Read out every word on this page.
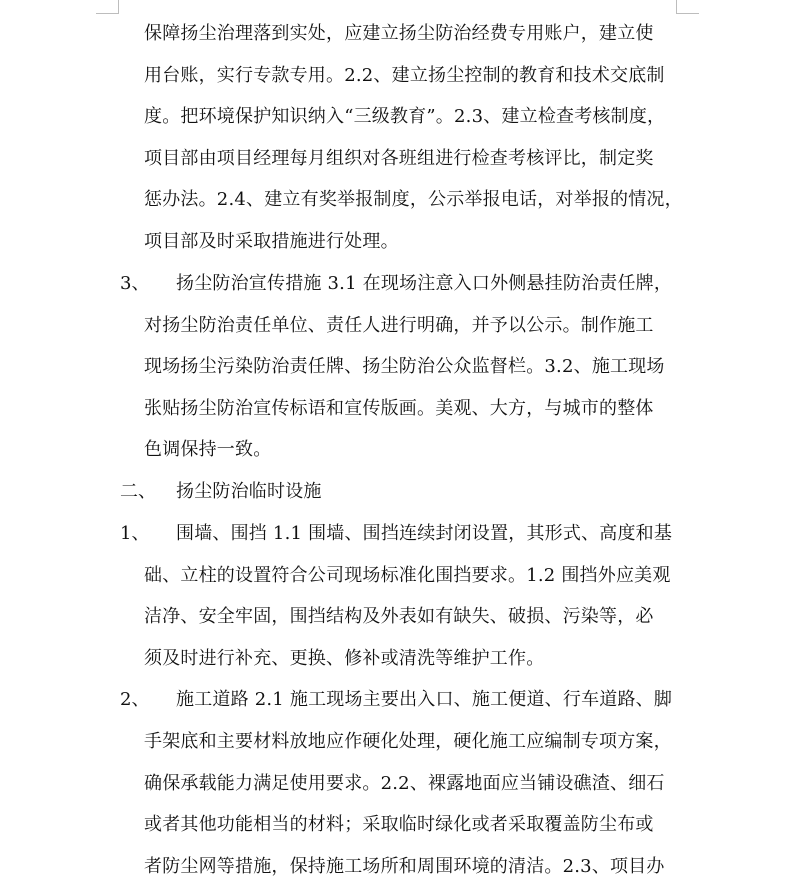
保障扬尘治理落到实处，应建立扬尘防治经费专用账户，建立使
用台账，实行专款专用。2.2、建立扬尘控制的教育和技术交底制
度。把环境保护知识纳入“三级教育”。2.3、建立检查考核制度，
项目部由项目经理每月组织对各班组进行检查考核评比，制定奖
惩办法。2.4、建立有奖举报制度，公示举报电话，对举报的情况，
项目部及时采取措施进行处理。
3、 扬尘防治宣传措施 3.1 在现场注意入口外侧悬挂防治责任牌，
对扬尘防治责任单位、责任人进行明确，并予以公示。制作施工
现场扬尘污染防治责任牌、扬尘防治公众监督栏。3.2、施工现场
张贴扬尘防治宣传标语和宣传版画。美观、大方，与城市的整体
色调保持一致。
二、 扬尘防治临时设施
1、 围墙、围挡 1.1 围墙、围挡连续封闭设置，其形式、高度和基
础、立柱的设置符合公司现场标准化围挡要求。1.2 围挡外应美观
洁净、安全牢固，围挡结构及外表如有缺失、破损、污染等，必
须及时进行补充、更换、修补或清洗等维护工作。
2、 施工道路 2.1 施工现场主要出入口、施工便道、行车道路、脚
手架底和主要材料放地应作硬化处理，硬化施工应编制专项方案，
确保承载能力满足使用要求。2.2、裸露地面应当铺设礁渣、细石
或者其他功能相当的材料；采取临时绿化或者采取覆盖防尘布或
者防尘网等措施，保持施工场所和周围环境的清洁。2.3、项目办
